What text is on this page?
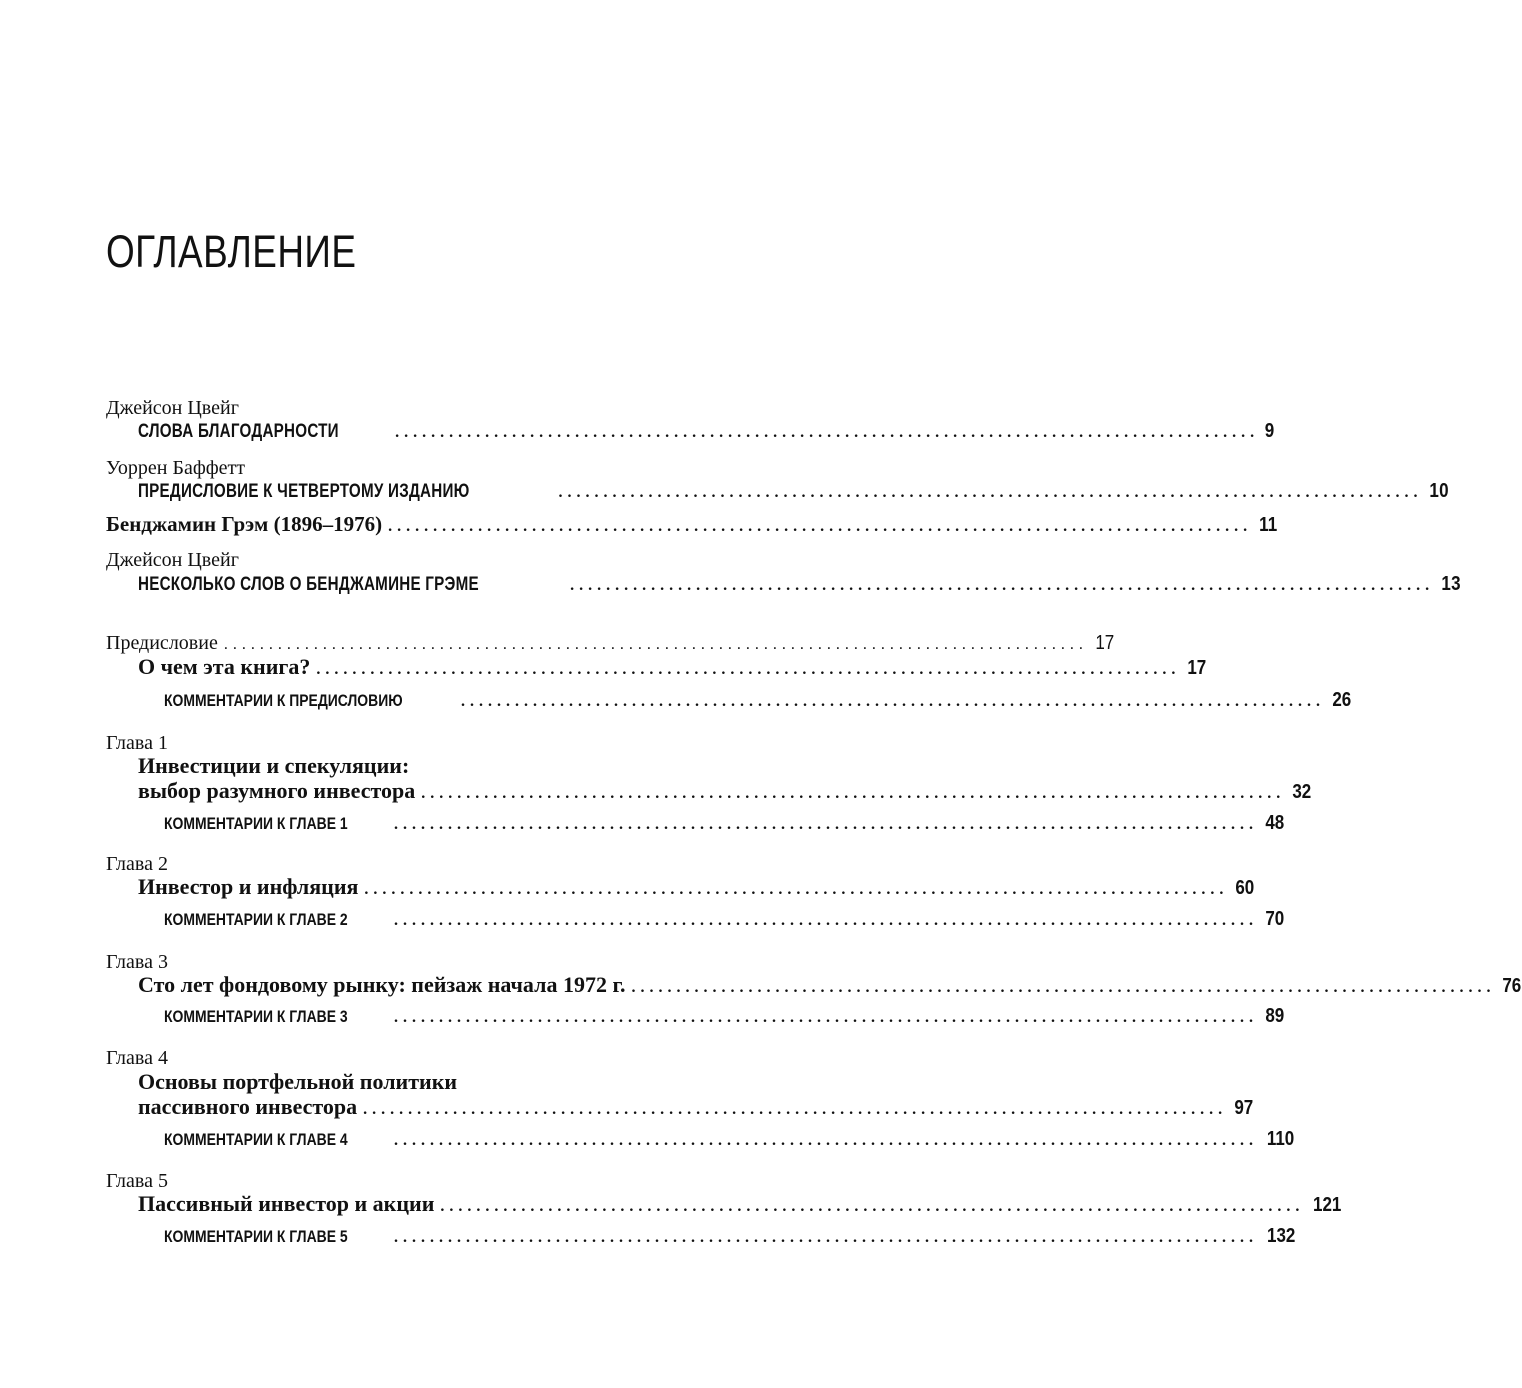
ОГЛАВЛЕНИЕ
Джейсон Цвейг
СЛОВА БЛАГОДАРНОСТИ	................................................................................................ 9
Уоррен Баффетт
ПРЕДИСЛОВИЕ К ЧЕТВЕРТОМУ ИЗДАНИЮ	................................................................................................ 10
Бенджамин Грэм (1896–1976) ................................................................................................ 11
Джейсон Цвейг
НЕСКОЛЬКО СЛОВ О БЕНДЖАМИНЕ ГРЭМЕ	................................................................................................ 13
Предисловие ................................................................................................ 17
О чем эта книга? ................................................................................................ 17
КОММЕНТАРИИ К ПРЕДИСЛОВИЮ	................................................................................................ 26
Глава 1
Инвестиции и спекуляции:
выбор разумного инвестора ................................................................................................ 32
КОММЕНТАРИИ К ГЛАВЕ 1	................................................................................................ 48
Глава 2
Инвестор и инфляция ................................................................................................ 60
КОММЕНТАРИИ К ГЛАВЕ 2	................................................................................................ 70
Глава 3
Сто лет фондовому рынку: пейзаж начала 1972 г. ................................................................................................ 76
КОММЕНТАРИИ К ГЛАВЕ 3	................................................................................................ 89
Глава 4
Основы портфельной политики
пассивного инвестора ................................................................................................ 97
КОММЕНТАРИИ К ГЛАВЕ 4	................................................................................................ 110
Глава 5
Пассивный инвестор и акции ................................................................................................ 121
КОММЕНТАРИИ К ГЛАВЕ 5	................................................................................................ 132
